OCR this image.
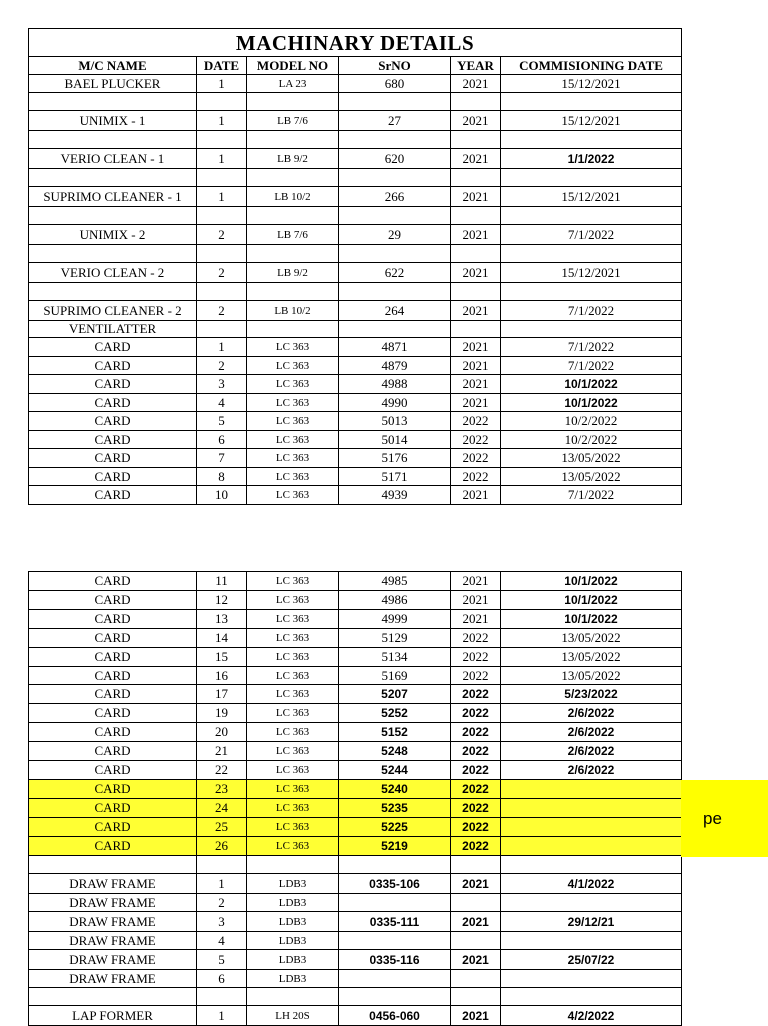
MACHINARY DETAILS					
M/C NAME	DATE	MODEL NO	SrNO	YEAR	COMMISIONING DATE
BAEL PLUCKER	1	LA 23	680	2021	15/12/2021

UNIMIX - 1	1	LB 7/6	27	2021	15/12/2021

VERIO CLEAN - 1	1	LB 9/2	620	2021	1/1/2022

SUPRIMO CLEANER - 1	1	LB 10/2	266	2021	15/12/2021

UNIMIX - 2	2	LB 7/6	29	2021	7/1/2022

VERIO CLEAN - 2	2	LB 9/2	622	2021	15/12/2021

SUPRIMO CLEANER - 2	2	LB 10/2	264	2021	7/1/2022
VENTILATTER					
CARD	1	LC 363	4871	2021	7/1/2022
CARD	2	LC 363	4879	2021	7/1/2022
CARD	3	LC 363	4988	2021	10/1/2022
CARD	4	LC 363	4990	2021	10/1/2022
CARD	5	LC 363	5013	2022	10/2/2022
CARD	6	LC 363	5014	2022	10/2/2022
CARD	7	LC 363	5176	2022	13/05/2022
CARD	8	LC 363	5171	2022	13/05/2022
CARD	10	LC 363	4939	2021	7/1/2022
CARD	11	LC 363	4985	2021	10/1/2022
CARD	12	LC 363	4986	2021	10/1/2022
CARD	13	LC 363	4999	2021	10/1/2022
CARD	14	LC 363	5129	2022	13/05/2022
CARD	15	LC 363	5134	2022	13/05/2022
CARD	16	LC 363	5169	2022	13/05/2022
CARD	17	LC 363	5207	2022	5/23/2022
CARD	19	LC 363	5252	2022	2/6/2022
CARD	20	LC 363	5152	2022	2/6/2022
CARD	21	LC 363	5248	2022	2/6/2022
CARD	22	LC 363	5244	2022	2/6/2022
CARD	23	LC 363	5240	2022	
CARD	24	LC 363	5235	2022	
CARD	25	LC 363	5225	2022	
CARD	26	LC 363	5219	2022	

DRAW FRAME	1	LDB3	0335-106	2021	4/1/2022
DRAW FRAME	2	LDB3			
DRAW FRAME	3	LDB3	0335-111	2021	29/12/21
DRAW FRAME	4	LDB3			
DRAW FRAME	5	LDB3	0335-116	2021	25/07/22
DRAW FRAME	6	LDB3			

LAP FORMER	1	LH 20S	0456-060	2021	4/2/2022
pe
